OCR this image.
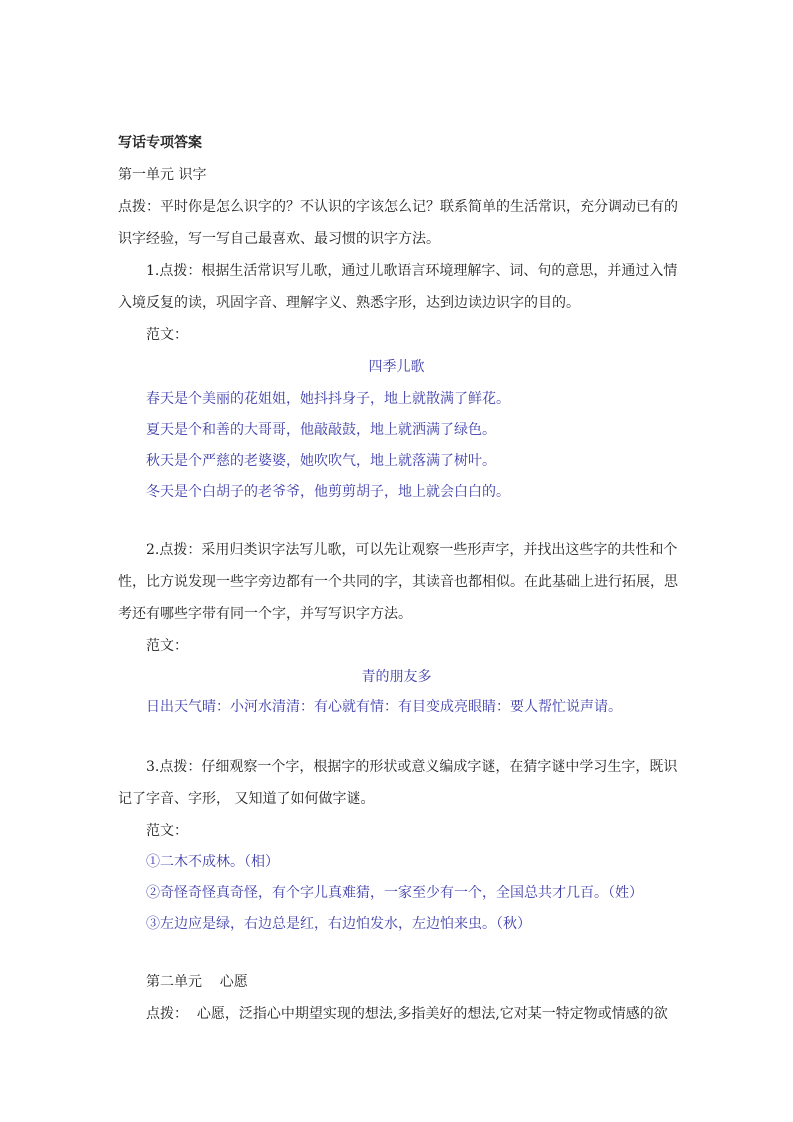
写话专项答案
第一单元 识字
点拨：平时你是怎么识字的？不认识的字该怎么记？联系简单的生活常识，充分调动已有的
识字经验，写一写自己最喜欢、最习惯的识字方法。
1.点拨：根据生活常识写儿歌，通过儿歌语言环境理解字、词、句的意思，并通过入情
入境反复的读，巩固字音、理解字义、熟悉字形，达到边读边识字的目的。
范文：
四季儿歌
春天是个美丽的花姐姐，她抖抖身子，地上就散满了鲜花。
夏天是个和善的大哥哥，他敲敲鼓，地上就洒满了绿色。
秋天是个严慈的老婆婆，她吹吹气，地上就落满了树叶。
冬天是个白胡子的老爷爷，他剪剪胡子，地上就会白白的。
2.点拨：采用归类识字法写儿歌，可以先让观察一些形声字，并找出这些字的共性和个
性，比方说发现一些字旁边都有一个共同的字，其读音也都相似。在此基础上进行拓展，思
考还有哪些字带有同一个字，并写写识字方法。
范文：
青的朋友多
日出天气晴：小河水清清：有心就有情：有目变成亮眼睛：要人帮忙说声请。
3.点拨：仔细观察一个字，根据字的形状或意义编成字谜，在猜字谜中学习生字，既识
记了字音、字形， 又知道了如何做字谜。
范文：
①二木不成林。（相）
②奇怪奇怪真奇怪，有个字儿真难猜，一家至少有一个，全国总共才几百。（姓）
③左边应是绿，右边总是红，右边怕发水，左边怕来虫。（秋）
第二单元    心愿
点拨：  心愿，泛指心中期望实现的想法,多指美好的想法,它对某一特定物或情感的欲
